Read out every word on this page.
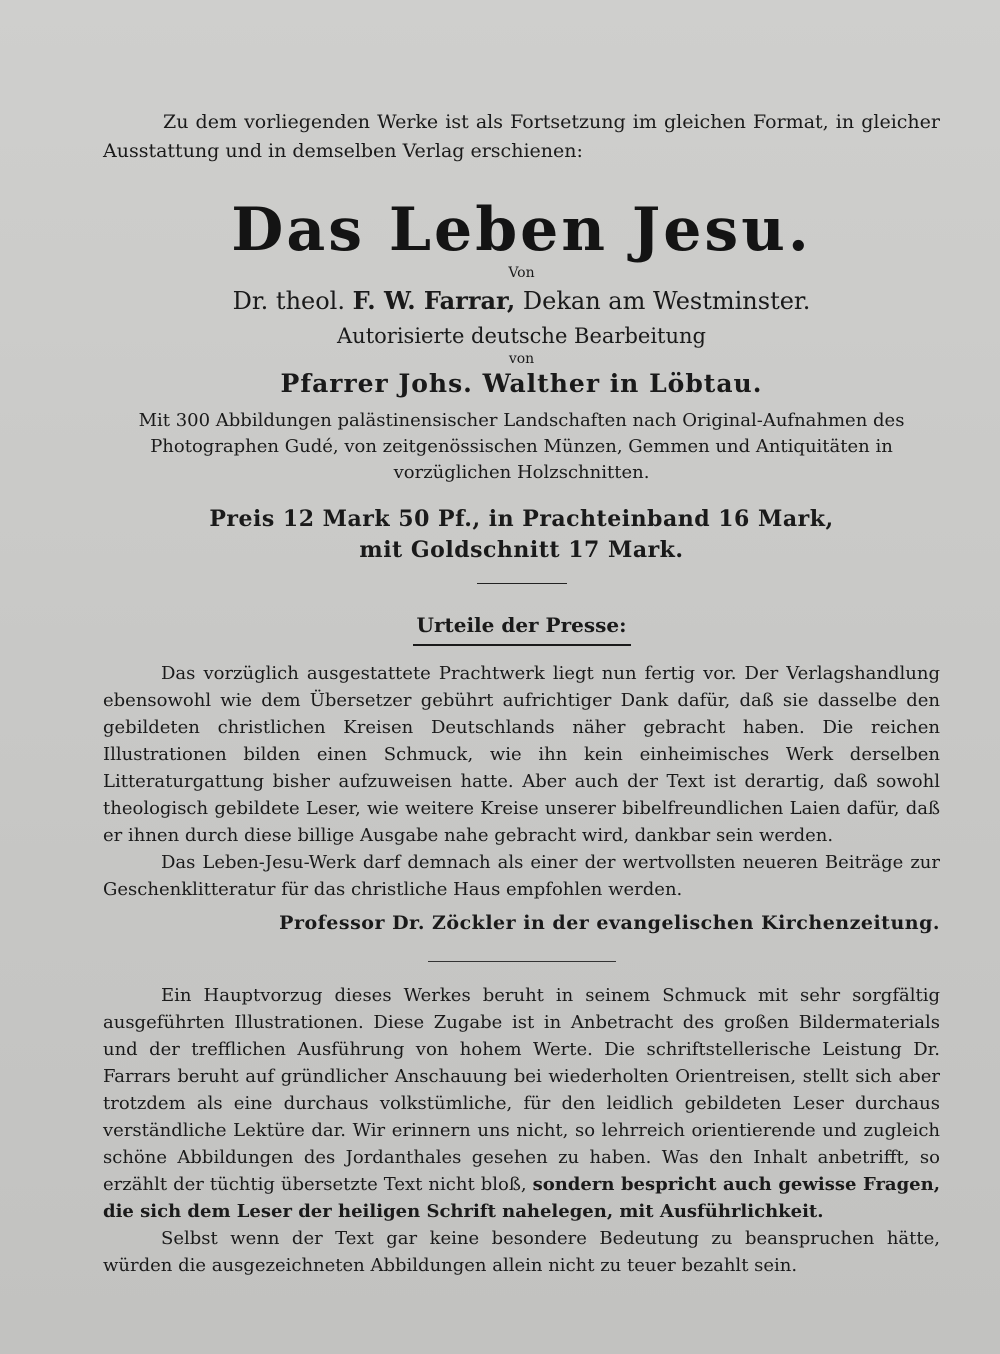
Zu dem vorliegenden Werke ist als Fortsetzung im gleichen Format, in gleicher Ausstattung und in demselben Verlag erschienen:

Das Leben Jesu.

Von

Dr. theol. F. W. Farrar, Dekan am Westminster.

Autorisierte deutsche Bearbeitung

von

Pfarrer Johs. Walther in Löbtau.

Mit 300 Abbildungen palästinensischer Landschaften nach Original-Aufnahmen des Photographen Gudé, von zeitgenössischen Münzen, Gemmen und Antiquitäten in vorzüglichen Holzschnitten.

Preis 12 Mark 50 Pf., in Prachteinband 16 Mark,
mit Goldschnitt 17 Mark.

Urteile der Presse:

Das vorzüglich ausgestattete Prachtwerk liegt nun fertig vor. Der Verlagshandlung ebensowohl wie dem Übersetzer gebührt aufrichtiger Dank dafür, daß sie dasselbe den gebildeten christlichen Kreisen Deutschlands näher gebracht haben. Die reichen Illustrationen bilden einen Schmuck, wie ihn kein einheimisches Werk derselben Litteraturgattung bisher aufzuweisen hatte. Aber auch der Text ist derartig, daß sowohl theologisch gebildete Leser, wie weitere Kreise unserer bibelfreundlichen Laien dafür, daß er ihnen durch diese billige Ausgabe nahe gebracht wird, dankbar sein werden.

Das Leben-Jesu-Werk darf demnach als einer der wertvollsten neueren Beiträge zur Geschenklitteratur für das christliche Haus empfohlen werden.

Professor Dr. Zöckler in der evangelischen Kirchenzeitung.

Ein Hauptvorzug dieses Werkes beruht in seinem Schmuck mit sehr sorgfältig ausgeführten Illustrationen. Diese Zugabe ist in Anbetracht des großen Bildermaterials und der trefflichen Ausführung von hohem Werte. Die schriftstellerische Leistung Dr. Farrars beruht auf gründlicher Anschauung bei wiederholten Orientreisen, stellt sich aber trotzdem als eine durchaus volkstümliche, für den leidlich gebildeten Leser durchaus verständliche Lektüre dar. Wir erinnern uns nicht, so lehrreich orientierende und zugleich schöne Abbildungen des Jordanthales gesehen zu haben. Was den Inhalt anbetrifft, so erzählt der tüchtig übersetzte Text nicht bloß, sondern bespricht auch gewisse Fragen, die sich dem Leser der heiligen Schrift nahelegen, mit Ausführlichkeit.

Selbst wenn der Text gar keine besondere Bedeutung zu beanspruchen hätte, würden die ausgezeichneten Abbildungen allein nicht zu teuer bezahlt sein.
